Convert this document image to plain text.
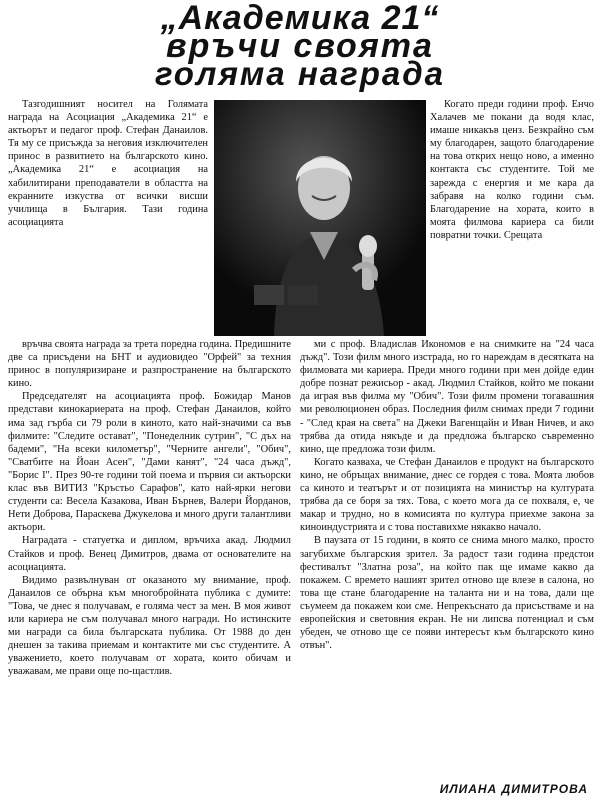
„Академика 21“
връчи своята
голяма награда

Тазгодишният носител на Голямата награда на Асоциация „Академика 21“ е актьорът и педагог проф. Стефан Данаилов. Тя му се присъжда за неговия изключителен принос в развитието на българското кино. „Академика 21“ е асоциация на хабилитирани преподаватели в областта на екранните изкуства от всички висши училища в България. Тази година асоциацията

Когато преди години проф. Енчо Халачев ме покани да водя клас, имаше никакъв ценз. Безкрайно съм му благодарен, защото благодарение на това открих нещо ново, а именно контакта със студентите. Той ме зарежда с енергия и ме кара да забравя на колко години съм. Благодарение на хората, които в моята филмова кариера са били повратни точки. Срещата

връчва своята награда за трета поредна година. Предишните две са присъдени на БНТ и аудиовидео "Орфей" за техния принос в популяризиране и разпространение на българското кино.

Председателят на асоциацията проф. Божидар Манов представи кинокариерата на проф. Стефан Данаилов, който има зад гърба си 79 роли в киното, като най-значими са във филмите: "Следите остават", "Понеделник сутрин", "С дъх на бадеми", "На всеки километър", "Черните ангели", "Обич", "Сватбите на Йоан Асен", "Дами канят", "24 часа дъжд", "Борис I". През 90-те години той поема и първия си актьорски клас във ВИТИЗ "Кръстьо Сарафов", като най-ярки негови студенти са: Весела Казакова, Иван Бърнев, Валери Йорданов, Нети Доброва, Параскева Джукелова и много други талантливи актьори.

Наградата - статуетка и диплом, връчиха акад. Людмил Стайков и проф. Венец Димитров, двама от основателите на асоциацията.

Видимо развълнуван от оказаното му внимание, проф. Данаилов се обърна към многобройната публика с думите: "Това, че днес я получавам, е голяма чест за мен. В моя живот или кариера не съм получавал много награди. Но истинските ми награди са била българската публика. От 1988 до ден днешен за такива приемам и контактите ми със студентите. А уважението, което получавам от хората, които обичам и уважавам, ме прави още по-щастлив.

ми с проф. Владислав Икономов е на снимките на "24 часа дъжд". Този филм много изстрада, но го нареждам в десятката на филмовата ми кариера. Преди много години при мен дойде един добре познат режисьор - акад. Людмил Стайков, който ме покани да играя във филма му "Обич". Този филм промени тогавашния ми революционен образ. Последния филм снимах преди 7 години - "След края на света" на Джеки Вагенщайн и Иван Ничев, и ако трябва да отида някъде и да предложа българско съвременно кино, ще предложа този филм.

Когато казваха, че Стефан Данаилов е продукт на българското кино, не обръщах внимание, днес се гордея с това. Моята любов са киното и театърът и от позицията на министър на културата трябва да се боря за тях. Това, с което мога да се похваля, е, че макар и трудно, но в комисията по култура приехме закона за киноиндустрията и с това поставихме някакво начало.

В паузата от 15 години, в която се снима много малко, просто загубихме българския зрител. За радост тази година предстои фестивалът "Златна роза", на който пак ще имаме какво да покажем. С времето нашият зрител отново ще влезе в салона, но това ще стане благодарение на таланта ни и на това, дали ще съумеем да покажем кои сме. Непрекъснато да присъстваме и на европейския и световния екран. Не ни липсва потенциал и съм убеден, че отново ще се появи интересът към българското кино отвън".

ИЛИАНА ДИМИТРОВА
